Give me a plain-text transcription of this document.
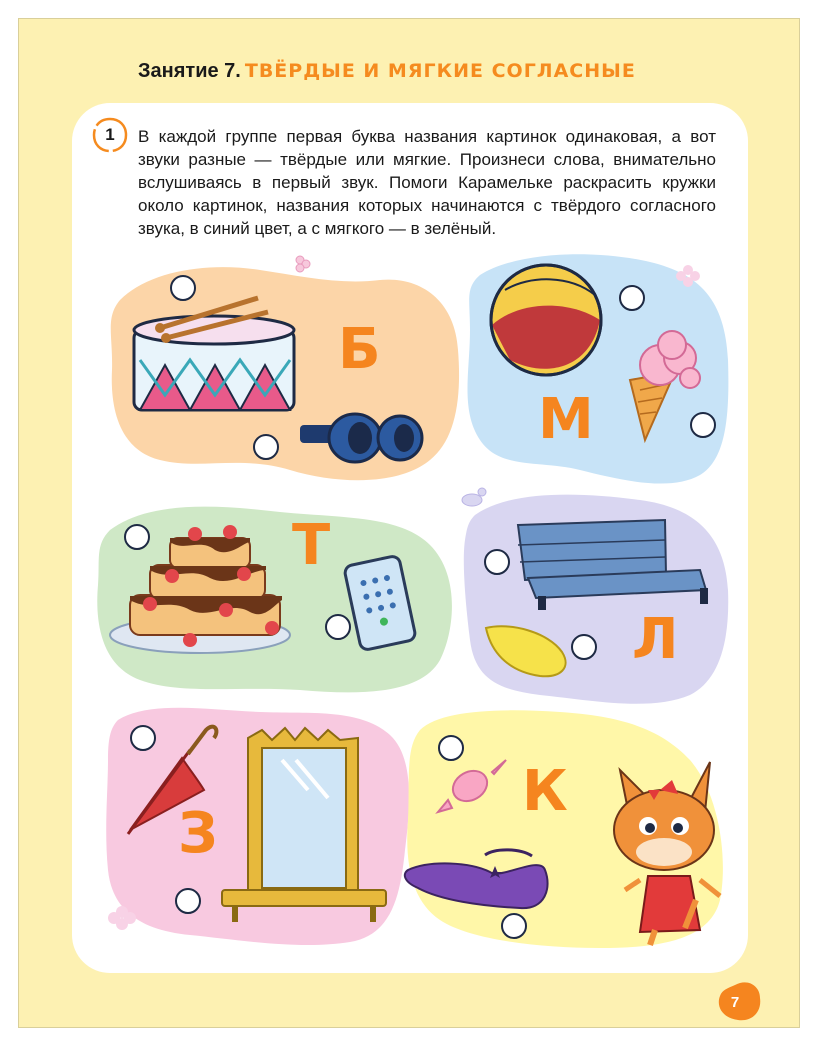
Занятие 7. ТВЁРДЫЕ И МЯГКИЕ СОГЛАСНЫЕ
1	В каждой группе первая буква названия картинок одинаковая, а вот звуки разные — твёрдые или мягкие. Произнеси слова, внимательно вслушиваясь в первый звук. Помоги Карамельке раскрасить кружки около картинок, названия которых начинаются с твёрдого согласного звука, в синий цвет, а с мягкого — в зелёный.
Б
М
Т
Л
З
К
7
